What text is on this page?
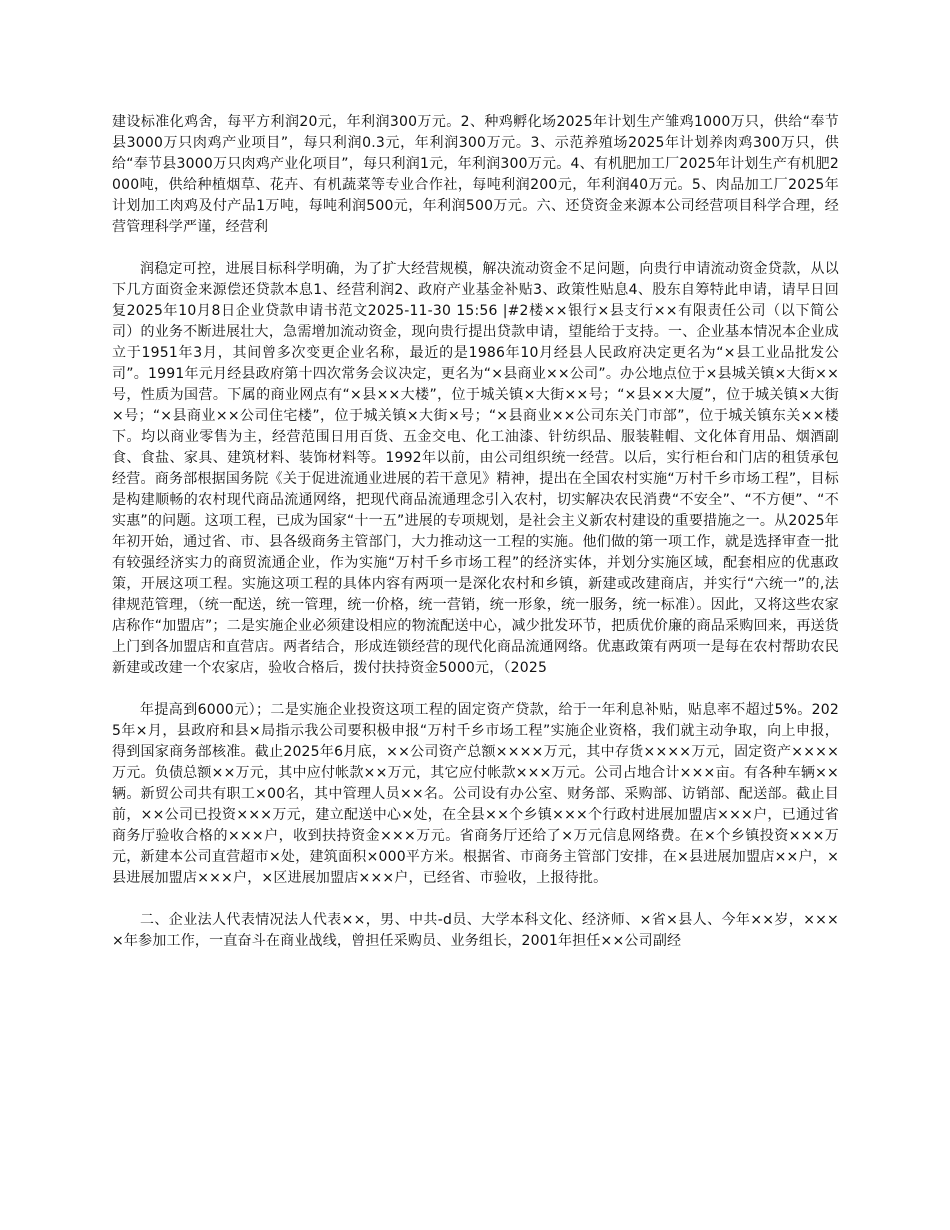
建设标准化鸡舍，每平方利润20元，年利润300万元。2、种鸡孵化场2025年计划生产雏鸡1000万只，供给“奉节县3000万只肉鸡产业项目”，每只利润0.3元，年利润300万元。3、示范养殖场2025年计划养肉鸡300万只，供给“奉节县3000万只肉鸡产业化项目”，每只利润1元，年利润300万元。4、有机肥加工厂2025年计划生产有机肥2000吨，供给种植烟草、花卉、有机蔬菜等专业合作社，每吨利润200元，年利润40万元。5、肉品加工厂2025年计划加工肉鸡及付产品1万吨，每吨利润500元，年利润500万元。六、还贷资金来源本公司经营项目科学合理，经营管理科学严谨，经营利

润稳定可控，进展目标科学明确，为了扩大经营规模，解决流动资金不足问题，向贵行申请流动资金贷款，从以下几方面资金来源偿还贷款本息1、经营利润2、政府产业基金补贴3、政策性贴息4、股东自筹特此申请，请早日回复2025年10月8日企业贷款申请书范文2025-11-30 15:56 |#2楼××银行×县支行××有限责任公司（以下简公司）的业务不断进展壮大，急需增加流动资金，现向贵行提出贷款申请，望能给于支持。一、企业基本情况本企业成立于1951年3月，其间曾多次变更企业名称，最近的是1986年10月经县人民政府决定更名为“×县工业品批发公司”。1991年元月经县政府第十四次常务会议决定，更名为“×县商业××公司”。办公地点位于×县城关镇×大街××号，性质为国营。下属的商业网点有“×县××大楼”，位于城关镇×大街××号；“×县××大厦”，位于城关镇×大街×号；“×县商业××公司住宅楼”，位于城关镇×大街×号；“×县商业××公司东关门市部”，位于城关镇东关××楼下。均以商业零售为主，经营范围日用百货、五金交电、化工油漆、针纺织品、服装鞋帽、文化体育用品、烟酒副食、食盐、家具、建筑材料、装饰材料等。1992年以前，由公司组织统一经营。以后，实行柜台和门店的租赁承包经营。商务部根据国务院《关于促进流通业进展的若干意见》精神，提出在全国农村实施“万村千乡市场工程”，目标是构建顺畅的农村现代商品流通网络，把现代商品流通理念引入农村，切实解决农民消费“不安全”、“不方便”、“不实惠”的问题。这项工程，已成为国家“十一五”进展的专项规划，是社会主义新农村建设的重要措施之一。从2025年年初开始，通过省、市、县各级商务主管部门，大力推动这一工程的实施。他们做的第一项工作，就是选择审查一批有较强经济实力的商贸流通企业，作为实施“万村千乡市场工程”的经济实体，并划分实施区域，配套相应的优惠政策，开展这项工程。实施这项工程的具体内容有两项一是深化农村和乡镇，新建或改建商店，并实行“六统一”的,法律规范管理，（统一配送，统一管理，统一价格，统一营销，统一形象，统一服务，统一标准）。因此，又将这些农家店称作“加盟店”；二是实施企业必须建设相应的物流配送中心，减少批发环节，把质优价廉的商品采购回来，再送货上门到各加盟店和直营店。两者结合，形成连锁经营的现代化商品流通网络。优惠政策有两项一是每在农村帮助农民新建或改建一个农家店，验收合格后，拨付扶持资金5000元，（2025

年提高到6000元）；二是实施企业投资这项工程的固定资产贷款，给于一年利息补贴，贴息率不超过5%。2025年×月，县政府和县×局指示我公司要积极申报“万村千乡市场工程”实施企业资格，我们就主动争取，向上申报，得到国家商务部核准。截止2025年6月底，××公司资产总额××××万元，其中存货××××万元，固定资产××××万元。负债总额××万元，其中应付帐款××万元，其它应付帐款×××万元。公司占地合计×××亩。有各种车辆××辆。新贸公司共有职工×00名，其中管理人员××名。公司设有办公室、财务部、采购部、访销部、配送部。截止目前，××公司已投资×××万元，建立配送中心×处，在全县××个乡镇×××个行政村进展加盟店×××户，已通过省商务厅验收合格的×××户，收到扶持资金×××万元。省商务厅还给了×万元信息网络费。在×个乡镇投资×××万元，新建本公司直营超市×处，建筑面积×000平方米。根据省、市商务主管部门安排，在×县进展加盟店××户，×县进展加盟店×××户，×区进展加盟店×××户，已经省、市验收，上报待批。

二、企业法人代表情况法人代表××，男、中共-d员、大学本科文化、经济师、×省×县人、今年××岁，××××年参加工作，一直奋斗在商业战线，曾担任采购员、业务组长，2001年担任××公司副经
